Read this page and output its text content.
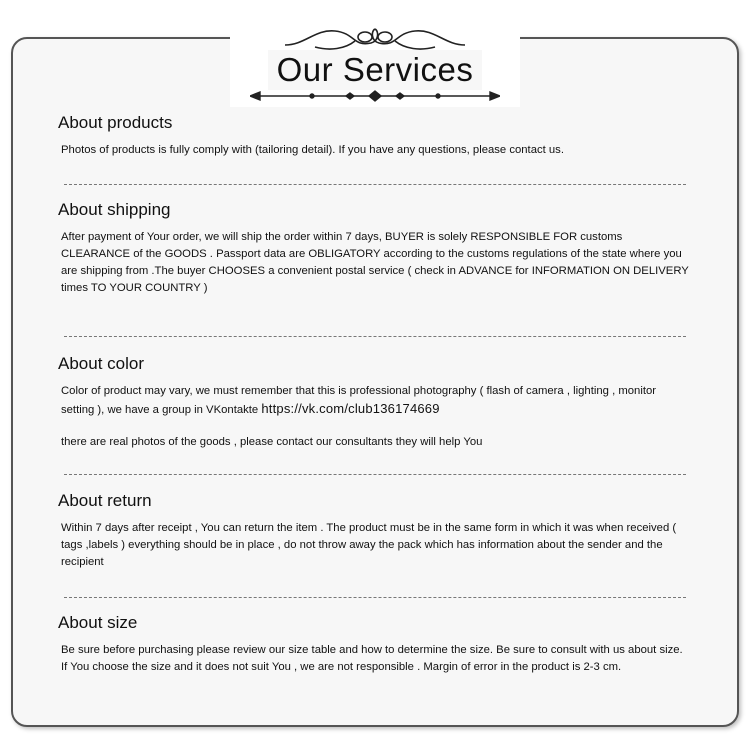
Our Services
About products
Photos of products is fully comply with (tailoring detail). If you have any questions, please contact us.
About shipping
After payment of Your order, we will ship the order within 7 days, BUYER is solely RESPONSIBLE FOR customs CLEARANCE of the GOODS . Passport data are OBLIGATORY according to the customs regulations of the state where you are shipping from .The buyer CHOOSES a convenient postal service ( check in ADVANCE for INFORMATION ON DELIVERY times TO YOUR COUNTRY )
About color
Color of product may vary, we must remember that this is professional photography ( flash of camera , lighting , monitor setting ), we have a group in VKontakte https://vk.com/club136174669
there are real photos of the goods , please contact our consultants they will help You
About return
Within 7 days after receipt , You can return the item . The product must be in the same form in which it was when received ( tags ,labels ) everything should be in place , do not throw away the pack which has information about the sender and the recipient
About size
Be sure before purchasing please review our size table and how to determine the size. Be sure to consult with us about size. If You choose the size and it does not suit You , we are not responsible . Margin of error in the product is 2-3 cm.
